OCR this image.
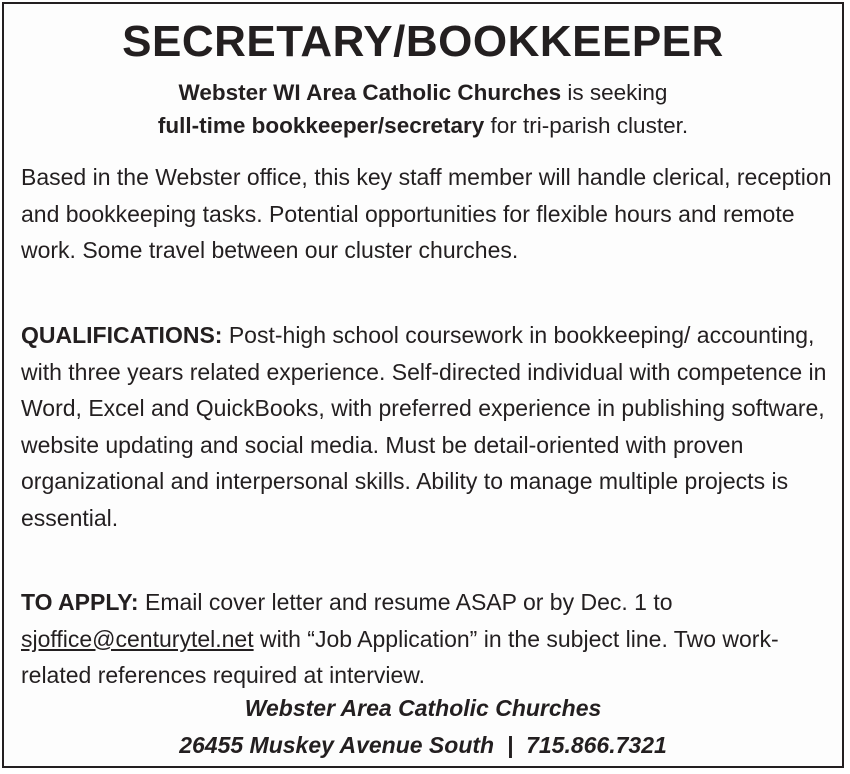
SECRETARY/BOOKKEEPER
Webster WI Area Catholic Churches is seeking
full-time bookkeeper/secretary for tri-parish cluster.

Based in the Webster office, this key staff member will handle clerical, reception and bookkeeping tasks. Potential opportunities for flexible hours and remote work. Some travel between our cluster churches.

QUALIFICATIONS: Post-high school coursework in bookkeeping/ accounting, with three years related experience. Self-directed individual with competence in Word, Excel and QuickBooks, with preferred experience in publishing software, website updating and social media. Must be detail-oriented with proven organizational and interpersonal skills. Ability to manage multiple projects is essential.

TO APPLY: Email cover letter and resume ASAP or by Dec. 1 to sjoffice@centurytel.net with “Job Application” in the subject line. Two work-related references required at interview.

Webster Area Catholic Churches
26455 Muskey Avenue South  |  715.866.7321
